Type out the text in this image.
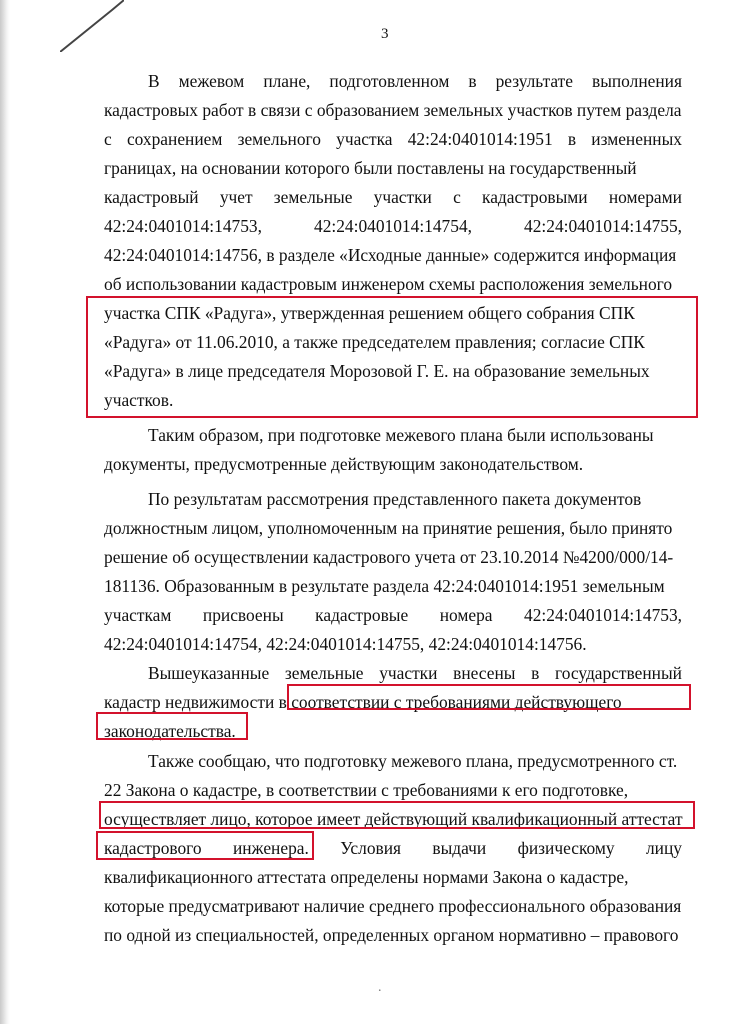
3
В межевом плане, подготовленном в результате выполнения
кадастровых работ в связи с образованием земельных участков путем раздела
с сохранением земельного участка 42:24:0401014:1951 в измененных
границах, на основании которого были поставлены на государственный
кадастровый учет земельные участки с кадастровыми номерами
42:24:0401014:14753,	42:24:0401014:14754,	42:24:0401014:14755,
42:24:0401014:14756, в разделе «Исходные данные» содержится информация
об использовании кадастровым инженером схемы расположения земельного
участка СПК «Радуга», утвержденная решением общего собрания СПК
«Радуга» от 11.06.2010, а также председателем правления; согласие СПК
«Радуга» в лице председателя Морозовой Г. Е. на образование земельных
участков.
Таким образом, при подготовке межевого плана были использованы
документы, предусмотренные действующим законодательством.
По результатам рассмотрения представленного пакета документов
должностным лицом, уполномоченным на принятие решения, было принято
решение об осуществлении кадастрового учета от 23.10.2014 №4200/000/14-
181136. Образованным в результате раздела 42:24:0401014:1951 земельным
участкам присвоены кадастровые номера 42:24:0401014:14753,
42:24:0401014:14754, 42:24:0401014:14755, 42:24:0401014:14756.
Вышеуказанные земельные участки внесены в государственный
кадастр недвижимости в соответствии с требованиями действующего
законодательства.
Также сообщаю, что подготовку межевого плана, предусмотренного ст.
22 Закона о кадастре, в соответствии с требованиями к его подготовке,
осуществляет лицо, которое имеет действующий квалификационный аттестат
кадастрового инженера. Условия выдачи физическому лицу
квалификационного аттестата определены нормами Закона о кадастре,
которые предусматривают наличие среднего профессионального образования
по одной из специальностей, определенных органом нормативно – правового
.
